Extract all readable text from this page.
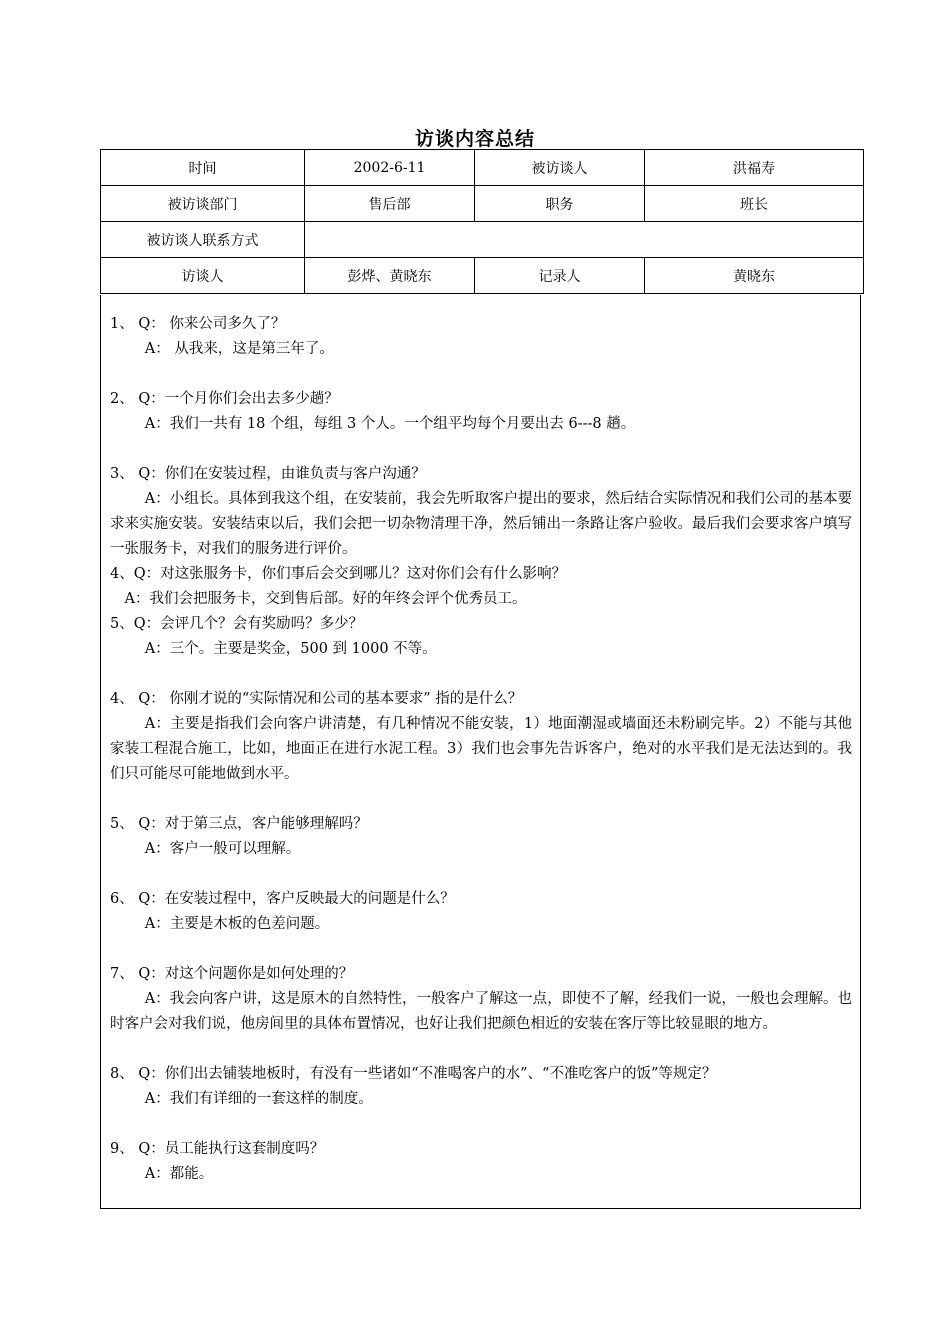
访谈内容总结
时间	2002-6-11	被访谈人	洪福寿
被访谈部门	售后部	职务	班长
被访谈人联系方式			
访谈人	彭烨、黄晓东	记录人	黄晓东

1、 Q： 你来公司多久了？

A： 从我来，这是第三年了。

2、 Q：一个月你们会出去多少趟？

A：我们一共有 18 个组，每组 3 个人。一个组平均每个月要出去 6---8 趟。

3、 Q：你们在安装过程，由谁负责与客户沟通？

A：小组长。具体到我这个组，在安装前，我会先听取客户提出的要求，然后结合实际情况和我们公司的基本要求来实施安装。安装结束以后，我们会把一切杂物清理干净，然后铺出一条路让客户验收。最后我们会要求客户填写一张服务卡，对我们的服务进行评价。

4、Q：对这张服务卡，你们事后会交到哪儿？这对你们会有什么影响？

A：我们会把服务卡，交到售后部。好的年终会评个优秀员工。

5、Q：会评几个？会有奖励吗？多少？

A：三个。主要是奖金，500 到 1000 不等。

4、 Q： 你刚才说的“实际情况和公司的基本要求” 指的是什么？

A：主要是指我们会向客户讲清楚，有几种情况不能安装，1）地面潮湿或墙面还未粉刷完毕。2）不能与其他家装工程混合施工，比如，地面正在进行水泥工程。3）我们也会事先告诉客户，绝对的水平我们是无法达到的。我们只可能尽可能地做到水平。

5、 Q：对于第三点，客户能够理解吗？

A：客户一般可以理解。

6、 Q：在安装过程中，客户反映最大的问题是什么？

A：主要是木板的色差问题。

7、 Q：对这个问题你是如何处理的？

A：我会向客户讲，这是原木的自然特性，一般客户了解这一点，即使不了解，经我们一说，一般也会理解。也时客户会对我们说，他房间里的具体布置情况，也好让我们把颜色相近的安装在客厅等比较显眼的地方。

8、 Q：你们出去铺装地板时，有没有一些诸如“不准喝客户的水”、“不准吃客户的饭”等规定？

A：我们有详细的一套这样的制度。

9、 Q：员工能执行这套制度吗？

A：都能。
